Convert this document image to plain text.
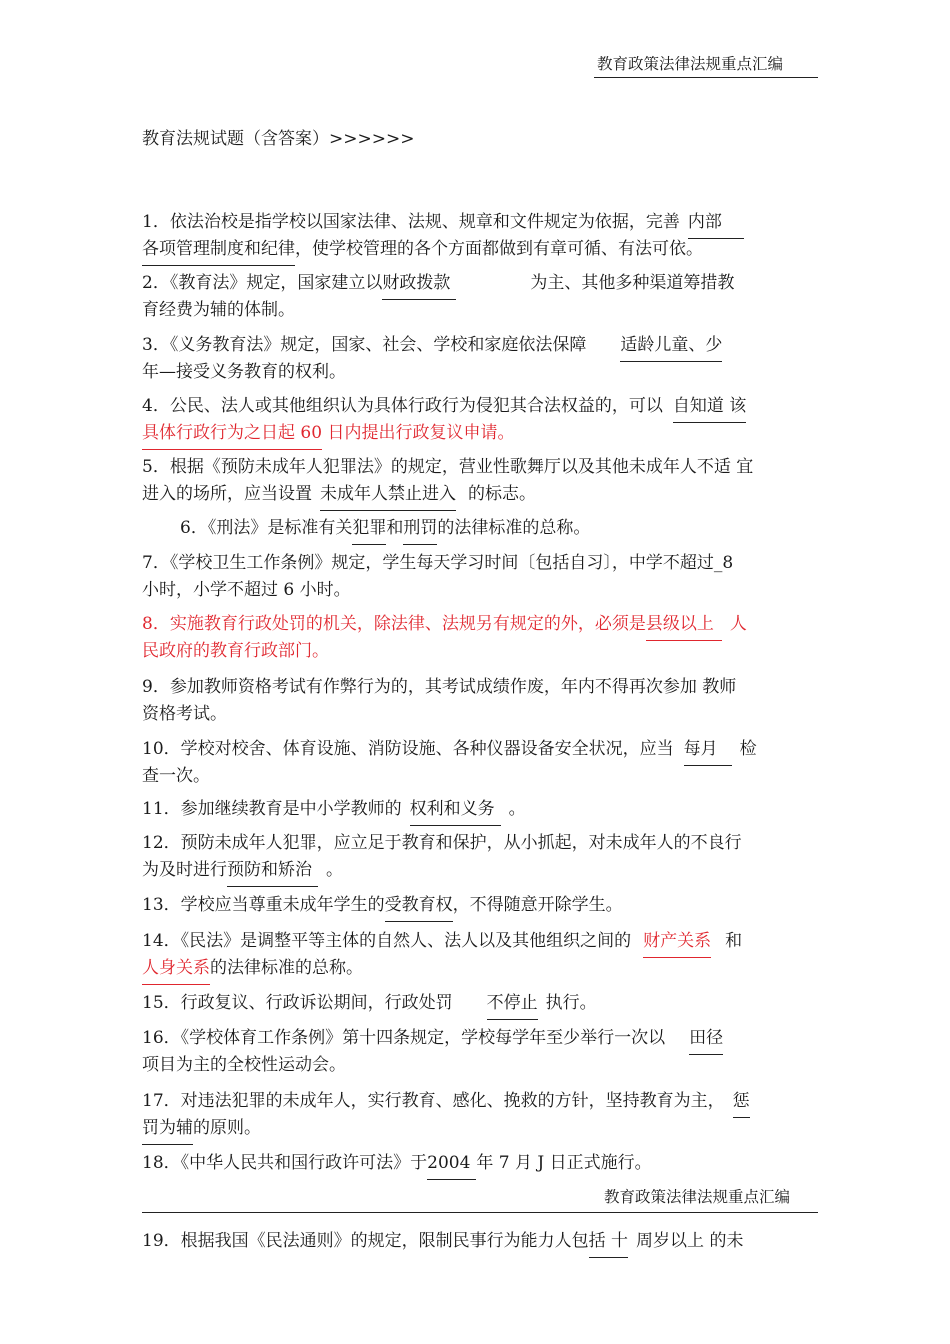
教育政策法律法规重点汇编
教育法规试题（含答案）>>>>>>

1．依法治校是指学校以国家法律、法规、规章和文件规定为依据，完善 内部

各项管理制度和纪律，使学校管理的各个方面都做到有章可循、有法可依。

2．《教育法》规定，国家建立以财政拨款	为主、其他多种渠道筹措教

育经费为辅的体制。

3．《义务教育法》规定，国家、社会、学校和家庭依法保障 适龄儿童、少

年—接受义务教育的权利。

4．公民、法人或其他组织认为具体行政行为侵犯其合法权益的，可以 自知道 该

具体行政行为之日起 60 日内提出行政复议申请。

5．根据《预防未成年人犯罪法》的规定，营业性歌舞厅以及其他未成年人不适 宜

进入的场所，应当设置 未成年人禁止进入 的标志。

6．《刑法》是标准有关犯罪和刑罚的法律标准的总称。

7．《学校卫生工作条例》规定，学生每天学习时间〔包括自习〕，中学不超过_8

小时，小学不超过 6 小时。

8．实施教育行政处罚的机关，除法律、法规另有规定的外，必须是县级以上 人

民政府的教育行政部门。

9．参加教师资格考试有作弊行为的，其考试成绩作废，年内不得再次参加 教师

资格考试。

10．学校对校舍、体育设施、消防设施、各种仪器设备安全状况，应当 每月 检

查一次。

11．参加继续教育是中小学教师的 权利和义务 。

12．预防未成年人犯罪，应立足于教育和保护，从小抓起，对未成年人的不良行

为及时进行预防和矫治 。

13．学校应当尊重未成年学生的受教育权，不得随意开除学生。

14．《民法》是调整平等主体的自然人、法人以及其他组织之间的 财产关系 和

人身关系的法律标准的总称。

15．行政复议、行政诉讼期间，行政处罚 不停止 执行。

16．《学校体育工作条例》第十四条规定，学校每学年至少举行一次以 田径

项目为主的全校性运动会。

17．对违法犯罪的未成年人，实行教育、感化、挽救的方针，坚持教育为主， 惩

罚为辅的原则。

18．《中华人民共和国行政许可法》于2004 年 7 月 J 日正式施行。

教育政策法律法规重点汇编

19．根据我国《民法通则》的规定，限制民事行为能力人包括 十 周岁以上 的未
